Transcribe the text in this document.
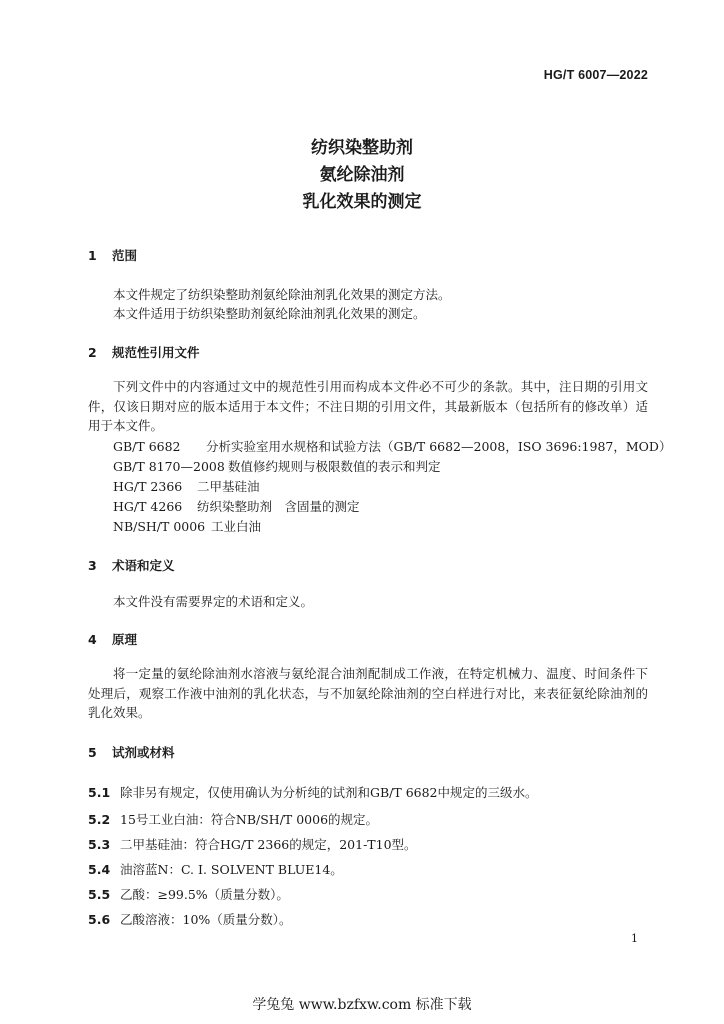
HG/T 6007—2022
纺织染整助剂
氨纶除油剂
乳化效果的测定
1 范围
本文件规定了纺织染整助剂氨纶除油剂乳化效果的测定方法。
本文件适用于纺织染整助剂氨纶除油剂乳化效果的测定。
2 规范性引用文件
下列文件中的内容通过文中的规范性引用而构成本文件必不可少的条款。其中，注日期的引用文件，仅该日期对应的版本适用于本文件；不注日期的引用文件，其最新版本（包括所有的修改单）适用于本文件。
GB/T 6682 分析实验室用水规格和试验方法（GB/T 6682—2008，ISO 3696:1987，MOD）
GB/T 8170—2008 数值修约规则与极限数值的表示和判定
HG/T 2366 二甲基硅油
HG/T 4266 纺织染整助剂　含固量的测定
NB/SH/T 0006 工业白油
3 术语和定义
本文件没有需要界定的术语和定义。
4 原理
将一定量的氨纶除油剂水溶液与氨纶混合油剂配制成工作液，在特定机械力、温度、时间条件下处理后，观察工作液中油剂的乳化状态，与不加氨纶除油剂的空白样进行对比，来表征氨纶除油剂的乳化效果。
5 试剂或材料
5.1 除非另有规定，仅使用确认为分析纯的试剂和GB/T 6682中规定的三级水。
5.2 15号工业白油：符合NB/SH/T 0006的规定。
5.3 二甲基硅油：符合HG/T 2366的规定，201-T10型。
5.4 油溶蓝N：C. I. SOLVENT BLUE14。
5.5 乙酸：≥99.5%（质量分数）。
5.6 乙酸溶液：10%（质量分数）。
1
学兔兔 www.bzfxw.com 标准下载
